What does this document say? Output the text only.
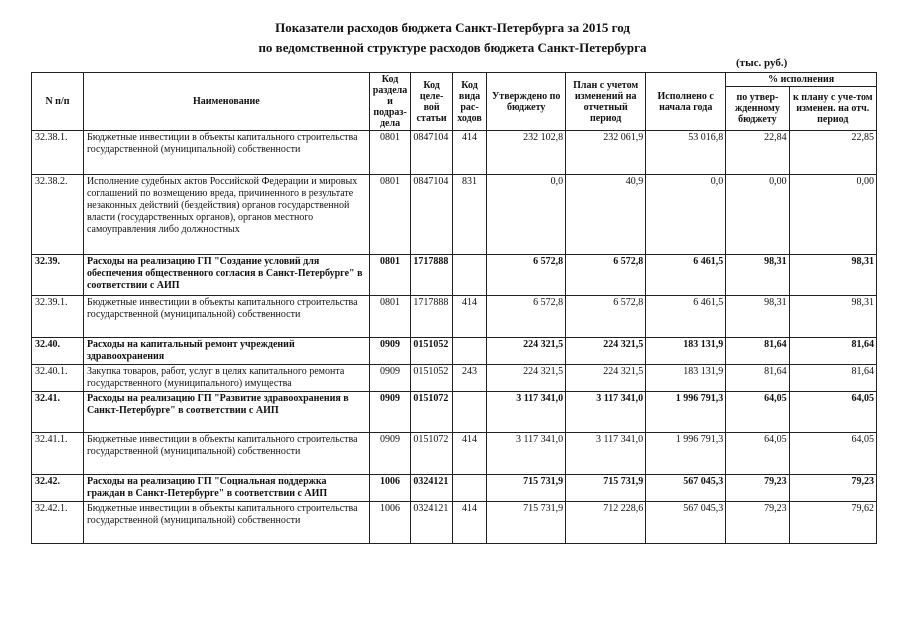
Показатели расходов бюджета Санкт-Петербурга за 2015 год
по ведомственной структуре расходов бюджета Санкт-Петербурга
(тыс. руб.)
N п/п	Наименование	Код раздела и подраз-дела	Код целе-вой статьи	Код вида рас-ходов	Утверждено по бюджету	План с учетом изменений на отчетный период	Исполнено с начала года	% исполнения	
								по утвер-жденному бюджету	к плану с уче-том изменен. на отч. период
32.38.1.	Бюджетные инвестиции в объекты капитального строительства государственной (муниципальной) собственности	0801	0847104	414	232 102,8	232 061,9	53 016,8	22,84	22,85
32.38.2.	Исполнение судебных актов Российской Федерации и мировых соглашений по возмещению вреда, причиненного в результате незаконных действий (бездействия) органов государственной власти (государственных органов), органов местного самоуправления либо должностных	0801	0847104	831	0,0	40,9	0,0	0,00	0,00
32.39.	Расходы на реализацию ГП "Создание условий для обеспечения общественного согласия в Санкт-Петербурге" в соответствии с АИП	0801	1717888		6 572,8	6 572,8	6 461,5	98,31	98,31
32.39.1.	Бюджетные инвестиции в объекты капитального строительства государственной (муниципальной) собственности	0801	1717888	414	6 572,8	6 572,8	6 461,5	98,31	98,31
32.40.	Расходы на капитальный ремонт учреждений здравоохранения	0909	0151052		224 321,5	224 321,5	183 131,9	81,64	81,64
32.40.1.	Закупка товаров, работ, услуг в целях капитального ремонта государственного (муниципального) имущества	0909	0151052	243	224 321,5	224 321,5	183 131,9	81,64	81,64
32.41.	Расходы на реализацию ГП "Развитие здравоохранения в Санкт-Петербурге" в соответствии с АИП	0909	0151072		3 117 341,0	3 117 341,0	1 996 791,3	64,05	64,05
32.41.1.	Бюджетные инвестиции в объекты капитального строительства государственной (муниципальной) собственности	0909	0151072	414	3 117 341,0	3 117 341,0	1 996 791,3	64,05	64,05
32.42.	Расходы на реализацию ГП "Социальная поддержка граждан в Санкт-Петербурге" в соответствии с АИП	1006	0324121		715 731,9	715 731,9	567 045,3	79,23	79,23
32.42.1.	Бюджетные инвестиции в объекты капитального строительства государственной (муниципальной) собственности	1006	0324121	414	715 731,9	712 228,6	567 045,3	79,23	79,62
